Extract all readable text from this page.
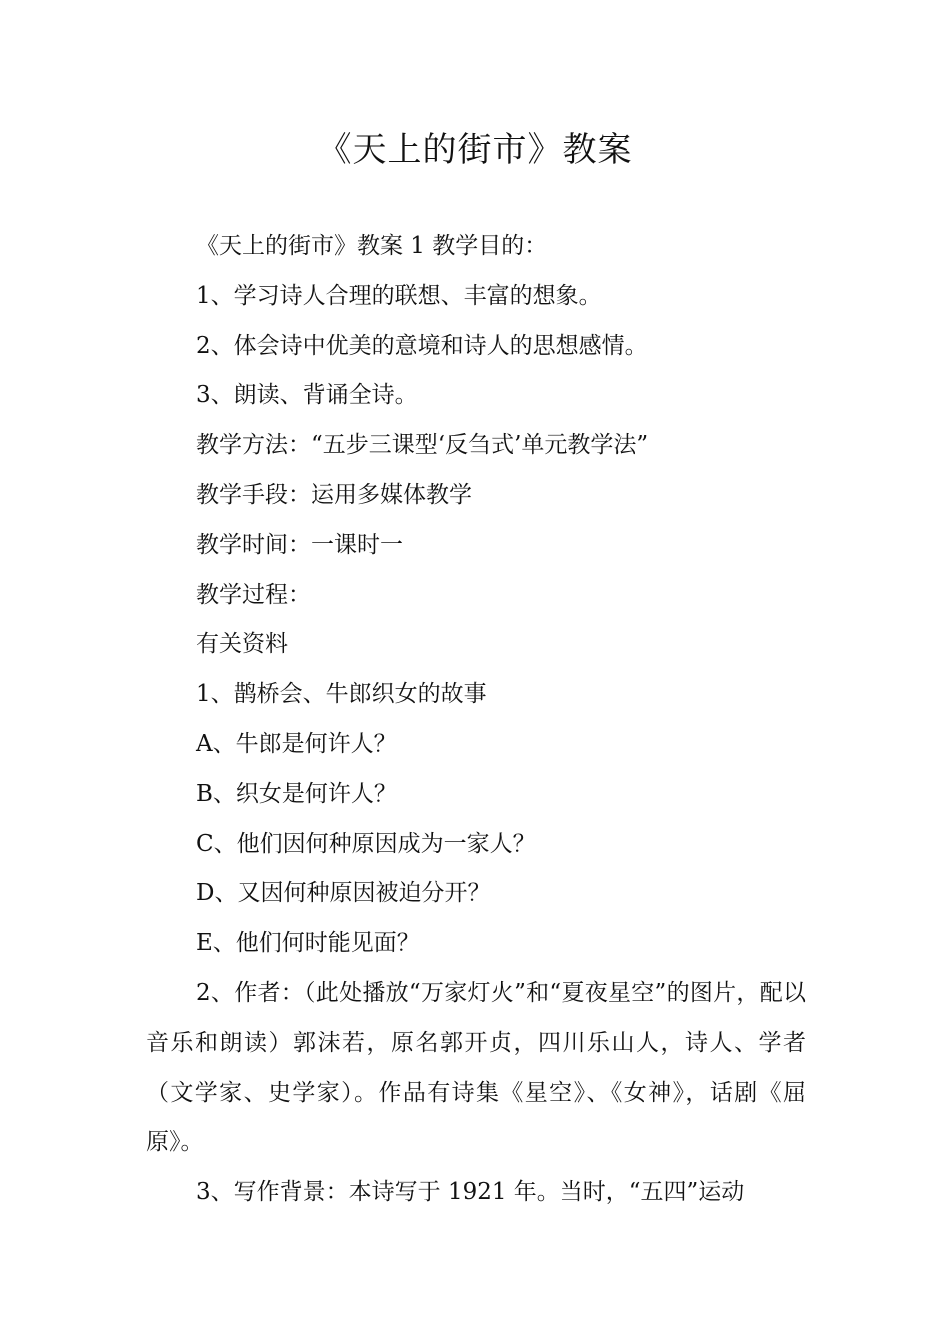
《天上的街市》教案

《天上的街市》教案 1 教学目的：

1、学习诗人合理的联想、丰富的想象。

2、体会诗中优美的意境和诗人的思想感情。

3、朗读、背诵全诗。

教学方法：“五步三课型‘反刍式’单元教学法”

教学手段：运用多媒体教学

教学时间：一课时一

教学过程：

有关资料

1、鹊桥会、牛郎织女的故事

A、牛郎是何许人？

B、织女是何许人？

C、他们因何种原因成为一家人？

D、又因何种原因被迫分开？

E、他们何时能见面？

2、作者：（此处播放“万家灯火”和“夏夜星空”的图片，配以音乐和朗读）郭沫若，原名郭开贞，四川乐山人，诗人、学者（文学家、史学家）。作品有诗集《星空》、《女神》，话剧《屈原》。

3、写作背景：本诗写于 1921 年。当时，“五四”运动
